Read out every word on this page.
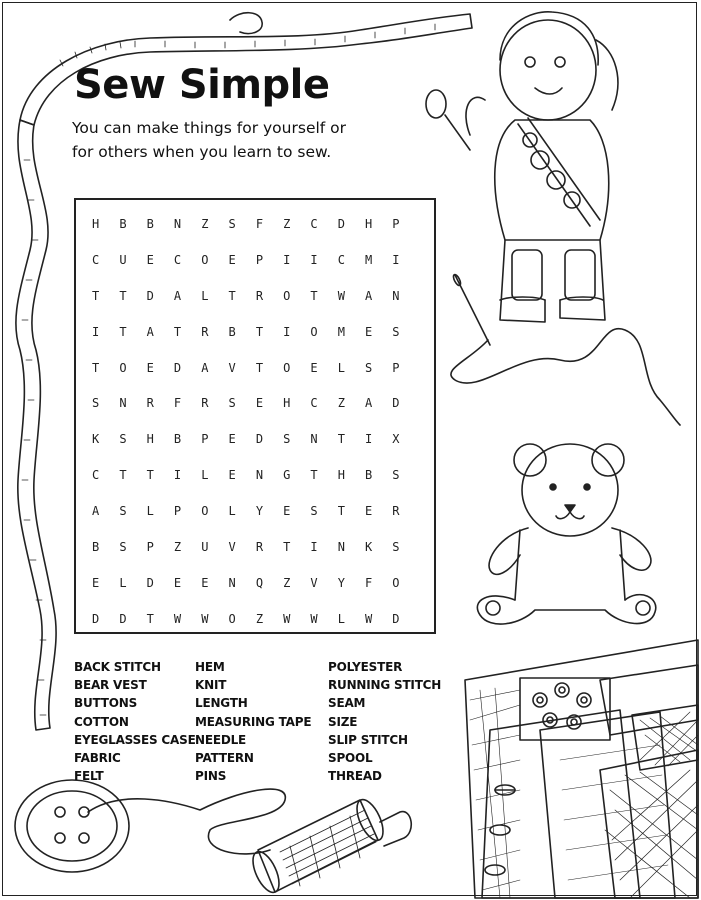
Sew Simple

You can make things for yourself or
for others when you learn to sew.

H	B	B	N	Z	S	F	Z	C	D	H	P
C	U	E	C	O	E	P	I	I	C	M	I
T	T	D	A	L	T	R	O	T	W	A	N
I	T	A	T	R	B	T	I	O	M	E	S
T	O	E	D	A	V	T	O	E	L	S	P
S	N	R	F	R	S	E	H	C	Z	A	D
K	S	H	B	P	E	D	S	N	T	I	X
C	T	T	I	L	E	N	G	T	H	B	S
A	S	L	P	O	L	Y	E	S	T	E	R
B	S	P	Z	U	V	R	T	I	N	K	S
E	L	D	E	E	N	Q	Z	V	Y	F	O
D	D	T	W	W	O	Z	W	W	L	W	D
BACK STITCH
BEAR VEST
BUTTONS
COTTON
EYEGLASSES CASE
FABRIC
FELT
HEM
KNIT
LENGTH
MEASURING TAPE
NEEDLE
PATTERN
PINS
POLYESTER
RUNNING STITCH
SEAM
SIZE
SLIP STITCH
SPOOL
THREAD
